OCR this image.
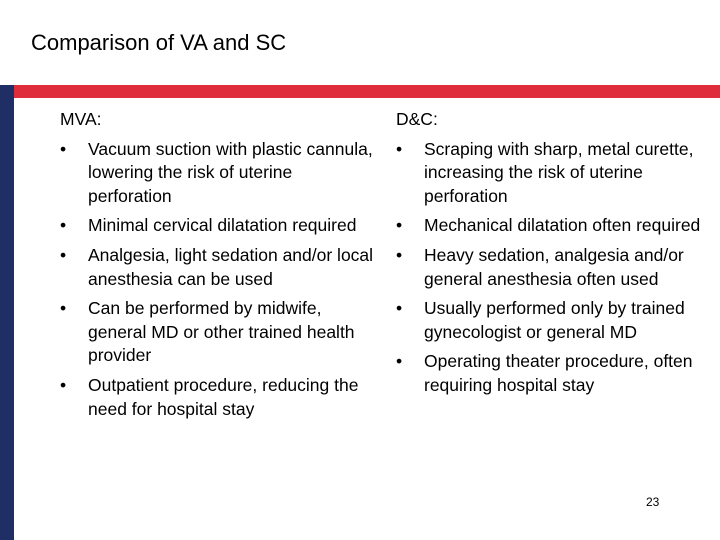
Comparison of VA and SC
MVA:
•	Vacuum suction with plastic cannula, lowering the risk of uterine perforation
•	Minimal cervical dilatation required
•	Analgesia, light sedation and/or local anesthesia can be used
•	Can be performed by midwife, general MD or other trained health provider
•	Outpatient procedure, reducing the need for hospital stay
D&C:
•	Scraping with sharp, metal curette, increasing the risk of uterine perforation
•	Mechanical dilatation often required
•	Heavy sedation, analgesia and/or general anesthesia often used
•	Usually performed only by trained gynecologist or general MD
•	Operating theater procedure, often requiring hospital stay
23
